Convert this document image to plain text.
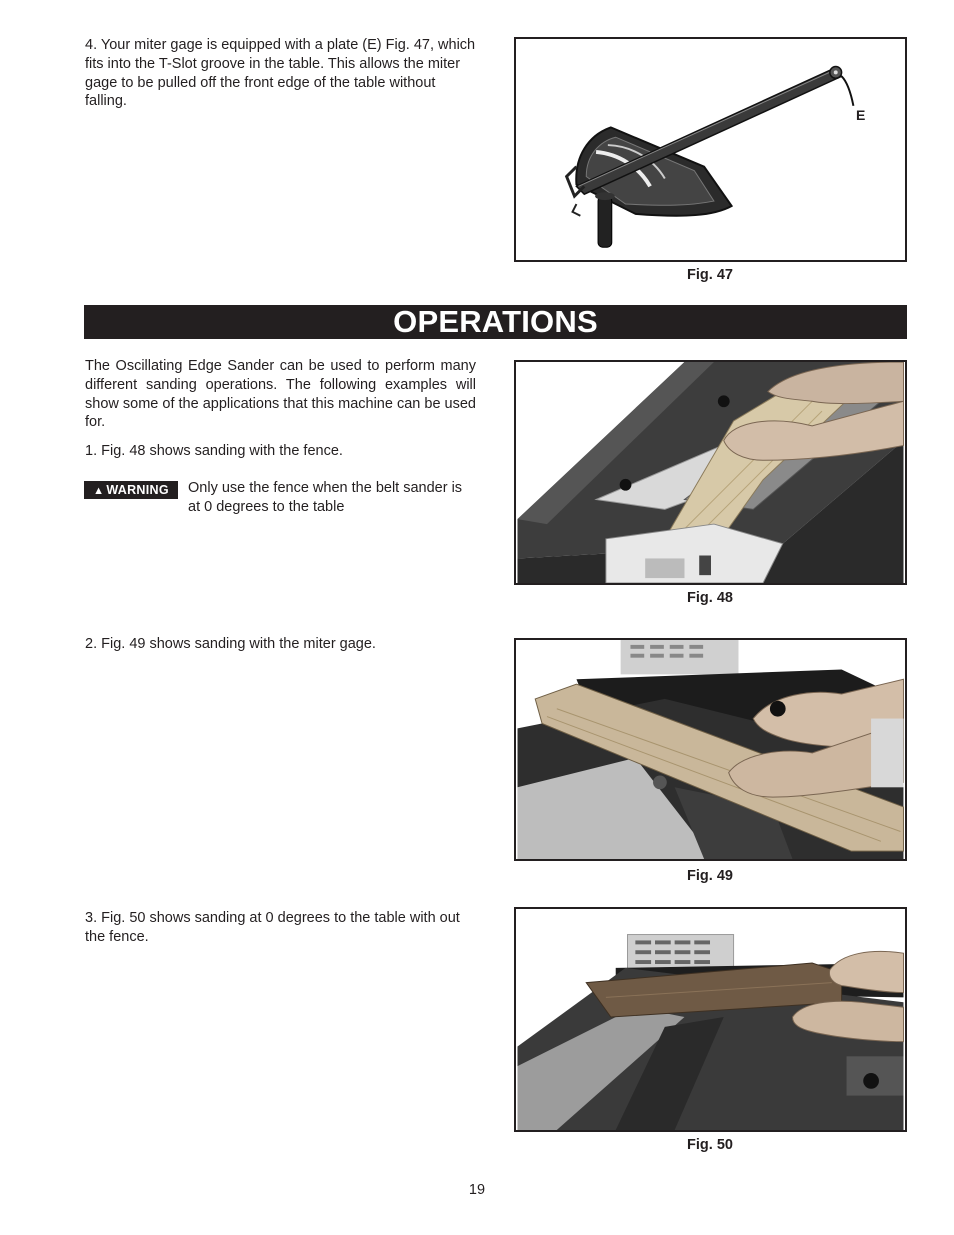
4. Your miter gage is equipped with a plate (E) Fig. 47, which fits into the T-Slot groove in the table. This allows the miter gage to be pulled off the front edge of the table without falling.

E
Fig. 47
OPERATIONS

The Oscillating Edge Sander can be used to perform many different sanding operations. The following examples will show some of the applications that this machine can be used for.

1. Fig. 48 shows sanding with the fence.

▲ WARNING	Only use the fence when the belt sander is at 0 degrees to the table

Fig. 48

2. Fig. 49 shows sanding with the miter gage.

Fig. 49

3. Fig. 50 shows sanding at 0 degrees to the table with out the fence.

Fig. 50
19
